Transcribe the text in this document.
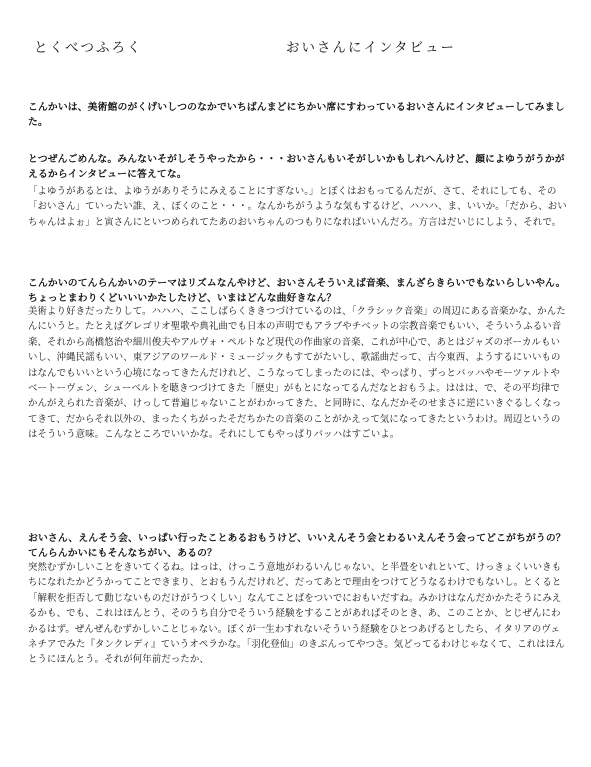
とくべつふろく	おいさんにインタビュー
こんかいは、美術館のがくげいしつのなかでいちばんまどにちかい席にすわっているおいさんにインタビューしてみました。
とつぜんごめんな。みんないそがしそうやったから・・・おいさんもいそがしいかもしれへんけど、顔によゆうがうかがえるからインタビューに答えてな。
「よゆうがあるとは、よゆうがありそうにみえることにすぎない。」とぼくはおもってるんだが、さて、それにしても、その「おいさん」ていったい誰、え、ぼくのこと・・・。なんかちがうような気もするけど、ハハハ、ま、いいか。「だから、おいちゃんはよぉ」と寅さんにといつめられてたあのおいちゃんのつもりになればいいんだろ。方言はだいじにしよう、それで。
こんかいのてんらんかいのテーマはリズムなんやけど、おいさんそういえば音楽、まんざらきらいでもないらしいやん。ちょっとまわりくどいいいかたしたけど、いまはどんな曲好きなん？
美術より好きだったりして。ハハハ、ここしばらくききつづけているのは、「クラシック音楽」の周辺にある音楽かな、かんたんにいうと。たとえばグレゴリオ聖歌や典礼曲でも日本の声明でもアラブやチベットの宗教音楽でもいい、そういうふるい音楽、それから高橋悠治や細川俊夫やアルヴォ・ペルトなど現代の作曲家の音楽、これが中心で、あとはジャズのボーカルもいいし、沖縄民謡もいい、東アジアのワールド・ミュージックもすてがたいし、歌謡曲だって、古今東西、ようするにいいものはなんでもいいという心境になってきたんだけれど、こうなってしまったのには、やっぱり、ずっとバッハやモーツァルトやベートーヴェン、シューベルトを聴きつづけてきた「歴史」がもとになってるんだなとおもうよ。ははは、で、その平均律でかんがえられた音楽が、けっして普遍じゃないことがわかってきた、と同時に、なんだかそのせまさに逆にいきぐるしくなってきて、だからそれ以外の、まったくちがったそだちかたの音楽のことがかえって気になってきたというわけ。周辺というのはそういう意味。こんなところでいいかな。それにしてもやっぱりバッハはすごいよ。
おいさん、えんそう会、いっぱい行ったことあるおもうけど、いいえんそう会とわるいえんそう会ってどこがちがうの？てんらんかいにもそんなちがい、あるの？
突然むずかしいことをきいてくるね。はっは、けっこう意地がわるいんじゃない、と半畳をいれといて、けっきょくいいきもちになれたかどうかってことできまり、とおもうんだけれど、だってあとで理由をつけてどうなるわけでもないし。とくると「解釈を拒否して動じないものだけがうつくしい」なんてことばをついでにおもいだすね。みかけはなんだかかたそうにみえるかも、でも、これはほんとう、そのうち自分でそういう経験をすることがあればそのとき、あ、このことか、とじぜんにわかるはず。ぜんぜんむずかしいことじゃない。ぼくが一生わすれないそういう経験をひとつあげるとしたら、イタリアのヴェネチアでみた『タンクレディ』ていうオペラかな。「羽化登仙」のきぶんってやつさ。気どってるわけじゃなくて、これはほんとうにほんとう。それが何年前だったか、
